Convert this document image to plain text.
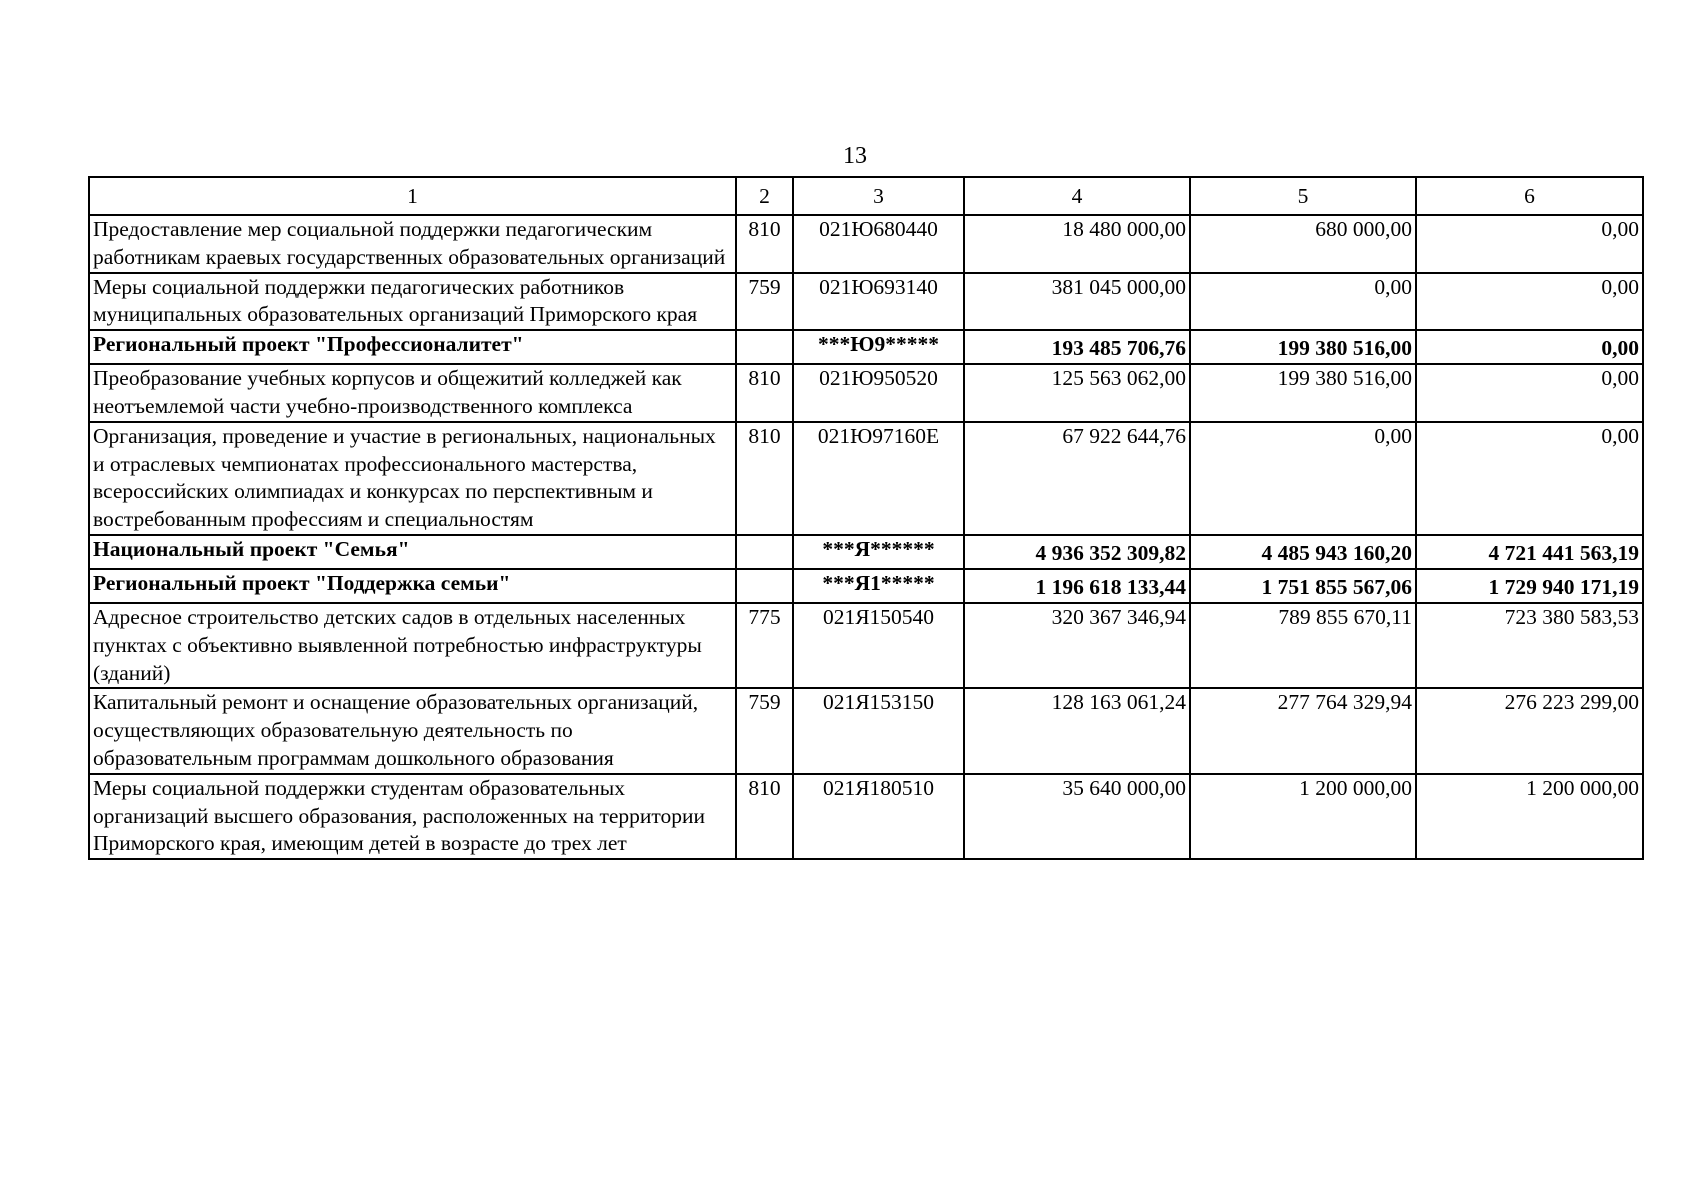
13
1	2	3	4	5	6
Предоставление мер социальной поддержки педагогическим работникам краевых государственных образовательных организаций	810	021Ю680440	18 480 000,00	680 000,00	0,00
Меры социальной поддержки педагогических работников муниципальных образовательных организаций Приморского края	759	021Ю693140	381 045 000,00	0,00	0,00
Региональный проект "Профессионалитет"		***Ю9*****	193 485 706,76	199 380 516,00	0,00
Преобразование учебных корпусов и общежитий колледжей как неотъемлемой части учебно-производственного комплекса	810	021Ю950520	125 563 062,00	199 380 516,00	0,00
Организация, проведение и участие в региональных, национальных и отраслевых чемпионатах профессионального мастерства, всероссийских олимпиадах и конкурсах по перспективным и востребованным профессиям и специальностям	810	021Ю97160Е	67 922 644,76	0,00	0,00
Национальный проект "Семья"		***Я******	4 936 352 309,82	4 485 943 160,20	4 721 441 563,19
Региональный проект "Поддержка семьи"		***Я1*****	1 196 618 133,44	1 751 855 567,06	1 729 940 171,19
Адресное строительство детских садов в отдельных населенных пунктах с объективно выявленной потребностью инфраструктуры (зданий)	775	021Я150540	320 367 346,94	789 855 670,11	723 380 583,53
Капитальный ремонт и оснащение образовательных организаций, осуществляющих образовательную деятельность по образовательным программам дошкольного образования	759	021Я153150	128 163 061,24	277 764 329,94	276 223 299,00
Меры социальной поддержки студентам образовательных организаций высшего образования, расположенных на территории Приморского края, имеющим детей в возрасте до трех лет	810	021Я180510	35 640 000,00	1 200 000,00	1 200 000,00
